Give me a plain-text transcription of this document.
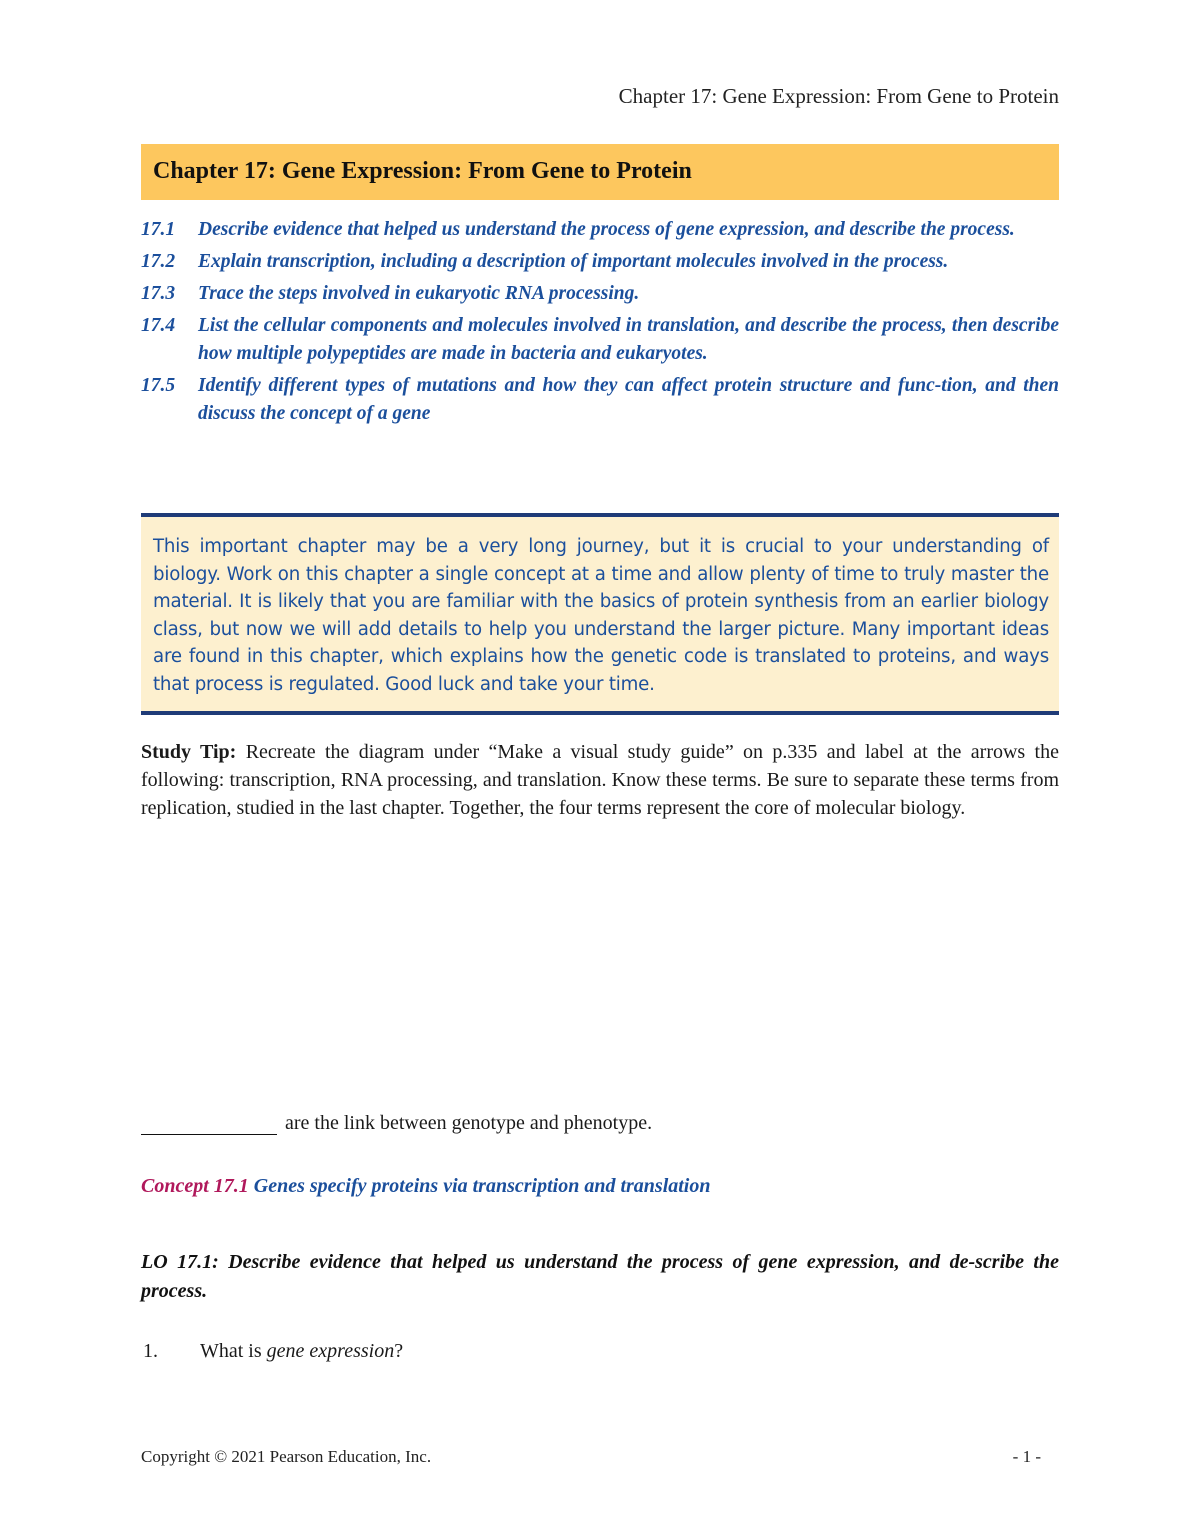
Chapter 17: Gene Expression: From Gene to Protein
Chapter 17: Gene Expression: From Gene to Protein
17.1	Describe evidence that helped us understand the process of gene expression, and describe the process.
17.2	Explain transcription, including a description of important molecules involved in the process.
17.3	Trace the steps involved in eukaryotic RNA processing.
17.4	List the cellular components and molecules involved in translation, and describe the process, then describe how multiple polypeptides are made in bacteria and eukaryotes.
17.5	Identify different types of mutations and how they can affect protein structure and func-tion, and then discuss the concept of a gene

This important chapter may be a very long journey, but it is crucial to your understanding of biology. Work on this chapter a single concept at a time and allow plenty of time to truly master the material. It is likely that you are familiar with the basics of protein synthesis from an earlier biology class, but now we will add details to help you understand the larger picture. Many important ideas are found in this chapter, which explains how the genetic code is translated to proteins, and ways that process is regulated. Good luck and take your time.

Study Tip: Recreate the diagram under “Make a visual study guide” on p.335 and label at the arrows the following: transcription, RNA processing, and translation. Know these terms. Be sure to separate these terms from replication, studied in the last chapter. Together, the four terms represent the core of molecular biology.

are the link between genotype and phenotype.
Concept 17.1 Genes specify proteins via transcription and translation

LO 17.1: Describe evidence that helped us understand the process of gene expression, and de-scribe the process.

1.	What is gene expression?
Copyright © 2021 Pearson Education, Inc.	- 1 -
